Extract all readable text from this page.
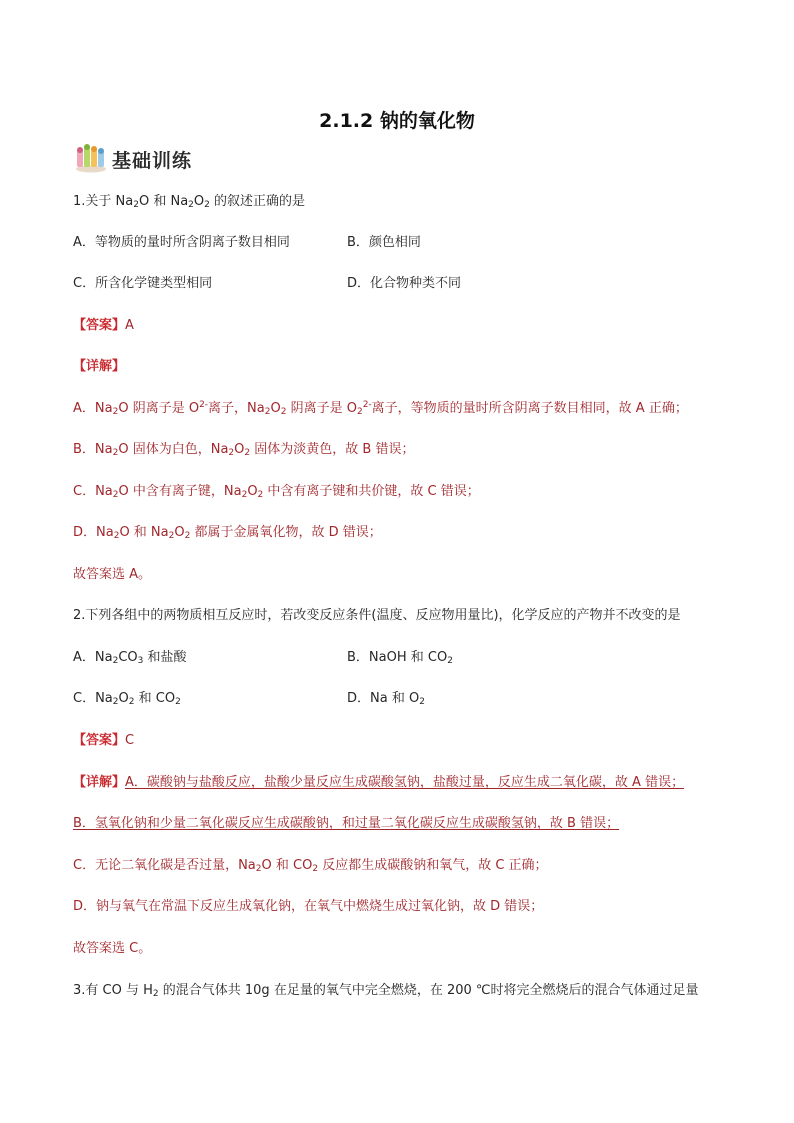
2.1.2 钠的氧化物
基础训练
1.关于 $Na_2O$ 和 $Na_2O_2$ 的叙述正确的是
A．等物质的量时所含阴离子数目相同	B．颜色相同
C．所含化学键类型相同	D．化合物种类不同
【答案】A
【详解】
A．$Na_2O$ 阴离子是 $O^{2-}$离子，$Na_2O_2$ 阴离子是 $O_2^{2-}$离子，等物质的量时所含阴离子数目相同，故 A 正确；
B．$Na_2O$ 固体为白色，$Na_2O_2$ 固体为淡黄色，故 B 错误；
C．$Na_2O$ 中含有离子键，$Na_2O_2$ 中含有离子键和共价键，故 C 错误；
D．$Na_2O$ 和 $Na_2O_2$ 都属于金属氧化物，故 D 错误；
故答案选 A。
2.下列各组中的两物质相互反应时，若改变反应条件(温度、反应物用量比)，化学反应的产物并不改变的是
A．$Na_2CO_3$ 和盐酸	B．NaOH 和 $CO_2$
C．$Na_2O_2$ 和 $CO_2$	D．Na 和 $O_2$
【答案】C
【详解】A．碳酸钠与盐酸反应，盐酸少量反应生成碳酸氢钠，盐酸过量，反应生成二氧化碳，故 A 错误；
B．氢氧化钠和少量二氧化碳反应生成碳酸钠，和过量二氧化碳反应生成碳酸氢钠，故 B 错误；
C．无论二氧化碳是否过量，$Na_2O$ 和 $CO_2$ 反应都生成碳酸钠和氧气，故 C 正确；
D．钠与氧气在常温下反应生成氧化钠，在氧气中燃烧生成过氧化钠，故 D 错误；
故答案选 C。
3.有 CO 与 $H_2$ 的混合气体共 10g 在足量的氧气中完全燃烧，在 200 ℃时将完全燃烧后的混合气体通过足量
